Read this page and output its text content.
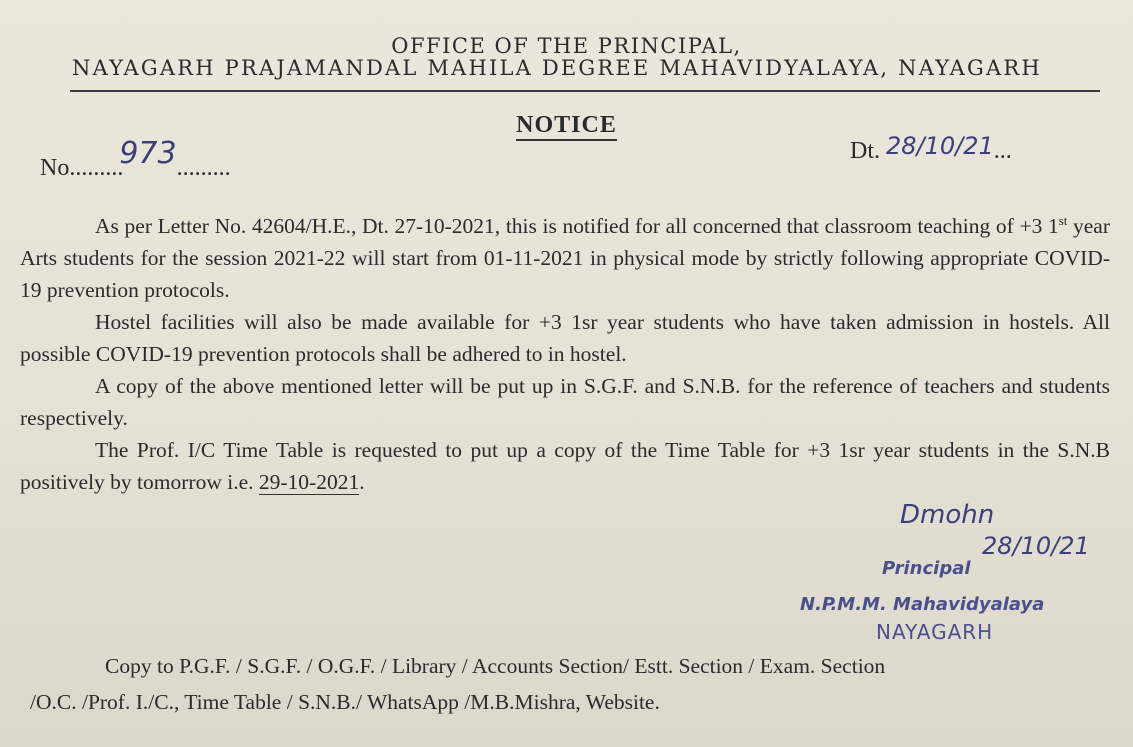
OFFICE OF THE PRINCIPAL,
NAYAGARH PRAJAMANDAL MAHILA DEGREE MAHAVIDYALAYA, NAYAGARH
NOTICE
No.........973.........
Dt. 28/10/21...

As per Letter No. 42604/H.E., Dt. 27-10-2021, this is notified for all concerned that classroom teaching of +3 1st year Arts students for the session 2021-22 will start from 01-11-2021 in physical mode by strictly following appropriate COVID-19 prevention protocols.

Hostel facilities will also be made available for +3 1sr year students who have taken admission in hostels. All possible COVID-19 prevention protocols shall be adhered to in hostel.

A copy of the above mentioned letter will be put up in S.G.F. and S.N.B. for the reference of teachers and students respectively.

The Prof. I/C Time Table is requested to put up a copy of the Time Table for +3 1sr year students in the S.N.B positively by tomorrow i.e. 29-10-2021.

Dmohn
28/10/21
Principal
N.P.M.M. Mahavidyalaya
NAYAGARH
Copy to P.G.F. / S.G.F. / O.G.F. / Library / Accounts Section/ Estt. Section / Exam. Section
/O.C. /Prof. I./C., Time Table / S.N.B./ WhatsApp /M.B.Mishra, Website.
